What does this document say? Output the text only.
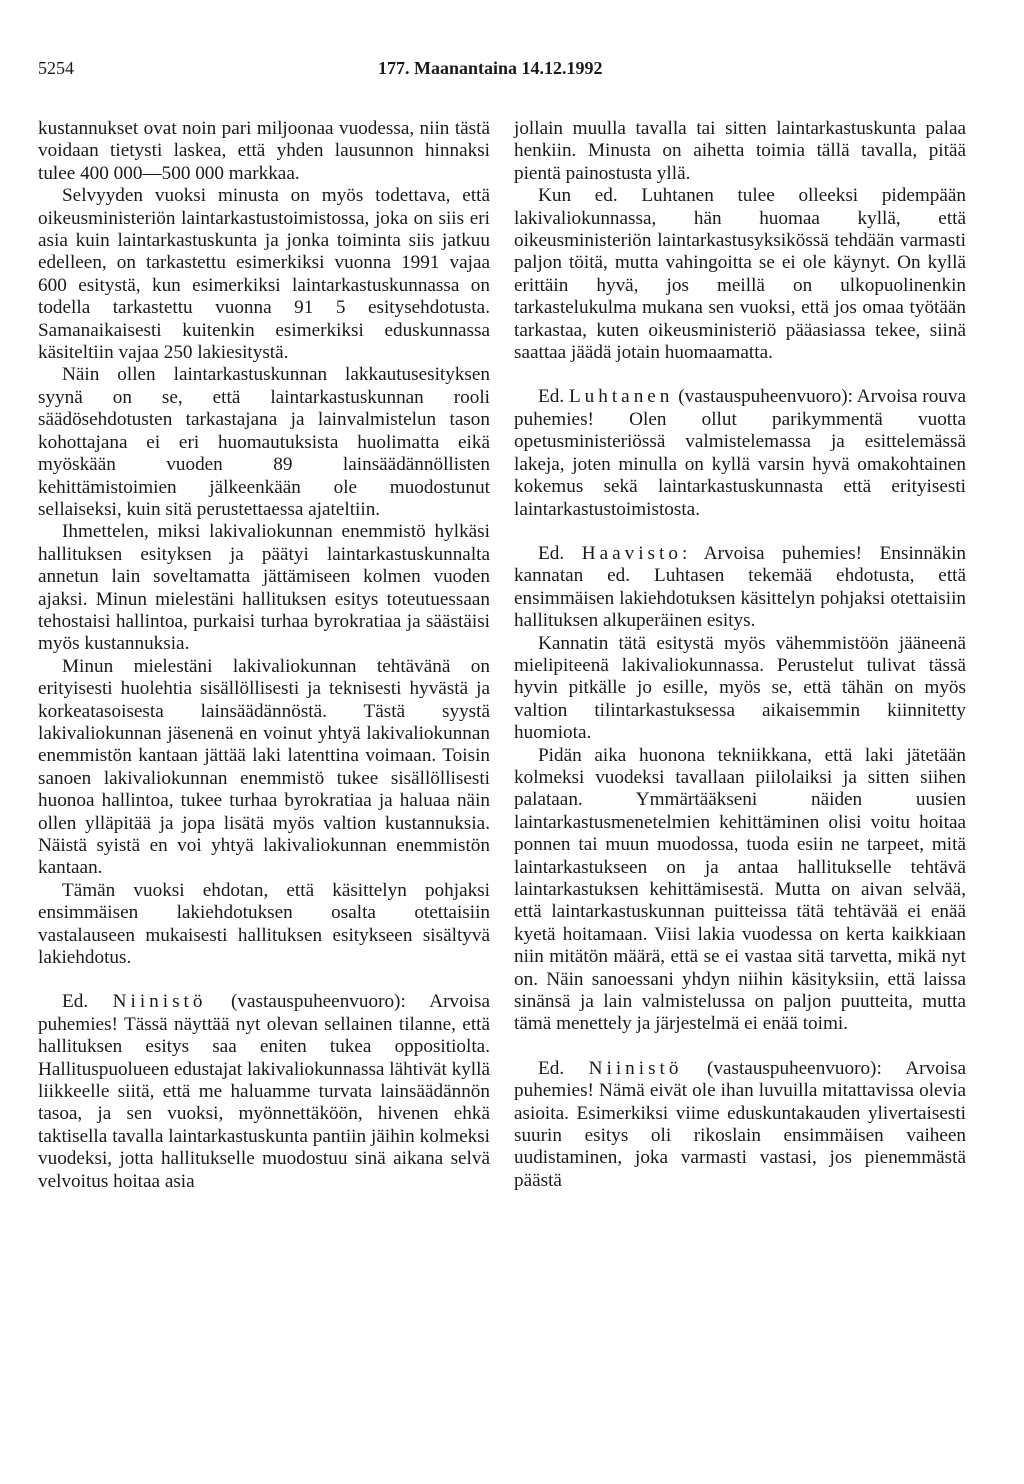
5254	177. Maanantaina 14.12.1992

kustannukset ovat noin pari miljoonaa vuodessa, niin tästä voidaan tietysti laskea, että yhden lausunnon hinnaksi tulee 400 000—500 000 markkaa.

Selvyyden vuoksi minusta on myös todettava, että oikeusministeriön laintarkastustoimistossa, joka on siis eri asia kuin laintarkastuskunta ja jonka toiminta siis jatkuu edelleen, on tarkastettu esimerkiksi vuonna 1991 vajaa 600 esitystä, kun esimerkiksi laintarkastuskunnassa on todella tarkastettu vuonna 91 5 esitysehdotusta. Samanaikaisesti kuitenkin esimerkiksi eduskunnassa käsiteltiin vajaa 250 lakiesitystä.

Näin ollen laintarkastuskunnan lakkautusesityksen syynä on se, että laintarkastuskunnan rooli säädösehdotusten tarkastajana ja lainvalmistelun tason kohottajana ei eri huomautuksista huolimatta eikä myöskään vuoden 89 lainsäädännöllisten kehittämistoimien jälkeenkään ole muodostunut sellaiseksi, kuin sitä perustettaessa ajateltiin.

Ihmettelen, miksi lakivaliokunnan enemmistö hylkäsi hallituksen esityksen ja päätyi laintarkastuskunnalta annetun lain soveltamatta jättämiseen kolmen vuoden ajaksi. Minun mielestäni hallituksen esitys toteutuessaan tehostaisi hallintoa, purkaisi turhaa byrokratiaa ja säästäisi myös kustannuksia.

Minun mielestäni lakivaliokunnan tehtävänä on erityisesti huolehtia sisällöllisesti ja teknisesti hyvästä ja korkeatasoisesta lainsäädännöstä. Tästä syystä lakivaliokunnan jäsenenä en voinut yhtyä lakivaliokunnan enemmistön kantaan jättää laki latenttina voimaan. Toisin sanoen lakivaliokunnan enemmistö tukee sisällöllisesti huonoa hallintoa, tukee turhaa byrokratiaa ja haluaa näin ollen ylläpitää ja jopa lisätä myös valtion kustannuksia. Näistä syistä en voi yhtyä lakivaliokunnan enemmistön kantaan.

Tämän vuoksi ehdotan, että käsittelyn pohjaksi ensimmäisen lakiehdotuksen osalta otettaisiin vastalauseen mukaisesti hallituksen esitykseen sisältyvä lakiehdotus.

Ed. Niinistö (vastauspuheenvuoro): Arvoisa puhemies! Tässä näyttää nyt olevan sellainen tilanne, että hallituksen esitys saa eniten tukea oppositiolta. Hallituspuolueen edustajat lakivaliokunnassa lähtivät kyllä liikkeelle siitä, että me haluamme turvata lainsäädännön tasoa, ja sen vuoksi, myönnettäköön, hivenen ehkä taktisella tavalla laintarkastuskunta pantiin jäihin kolmeksi vuodeksi, jotta hallitukselle muodostuu sinä aikana selvä velvoitus hoitaa asia

jollain muulla tavalla tai sitten laintarkastuskunta palaa henkiin. Minusta on aihetta toimia tällä tavalla, pitää pientä painostusta yllä.

Kun ed. Luhtanen tulee olleeksi pidempään lakivaliokunnassa, hän huomaa kyllä, että oikeusministeriön laintarkastusyksikössä tehdään varmasti paljon töitä, mutta vahingoitta se ei ole käynyt. On kyllä erittäin hyvä, jos meillä on ulkopuolinenkin tarkastelukulma mukana sen vuoksi, että jos omaa työtään tarkastaa, kuten oikeusministeriö pääasiassa tekee, siinä saattaa jäädä jotain huomaamatta.

Ed. Luhtanen (vastauspuheenvuoro): Arvoisa rouva puhemies! Olen ollut parikymmentä vuotta opetusministeriössä valmistelemassa ja esittelemässä lakeja, joten minulla on kyllä varsin hyvä omakohtainen kokemus sekä laintarkastuskunnasta että erityisesti laintarkastustoimistosta.

Ed. Haavisto: Arvoisa puhemies! Ensinnäkin kannatan ed. Luhtasen tekemää ehdotusta, että ensimmäisen lakiehdotuksen käsittelyn pohjaksi otettaisiin hallituksen alkuperäinen esitys.

Kannatin tätä esitystä myös vähemmistöön jääneenä mielipiteenä lakivaliokunnassa. Perustelut tulivat tässä hyvin pitkälle jo esille, myös se, että tähän on myös valtion tilintarkastuksessa aikaisemmin kiinnitetty huomiota.

Pidän aika huonona tekniikkana, että laki jätetään kolmeksi vuodeksi tavallaan piilolaiksi ja sitten siihen palataan. Ymmärtääkseni näiden uusien laintarkastusmenetelmien kehittäminen olisi voitu hoitaa ponnen tai muun muodossa, tuoda esiin ne tarpeet, mitä laintarkastukseen on ja antaa hallitukselle tehtävä laintarkastuksen kehittämisestä. Mutta on aivan selvää, että laintarkastuskunnan puitteissa tätä tehtävää ei enää kyetä hoitamaan. Viisi lakia vuodessa on kerta kaikkiaan niin mitätön määrä, että se ei vastaa sitä tarvetta, mikä nyt on. Näin sanoessani yhdyn niihin käsityksiin, että laissa sinänsä ja lain valmistelussa on paljon puutteita, mutta tämä menettely ja järjestelmä ei enää toimi.

Ed. Niinistö (vastauspuheenvuoro): Arvoisa puhemies! Nämä eivät ole ihan luvuilla mitattavissa olevia asioita. Esimerkiksi viime eduskuntakauden ylivertaisesti suurin esitys oli rikoslain ensimmäisen vaiheen uudistaminen, joka varmasti vastasi, jos pienemmästä päästä
